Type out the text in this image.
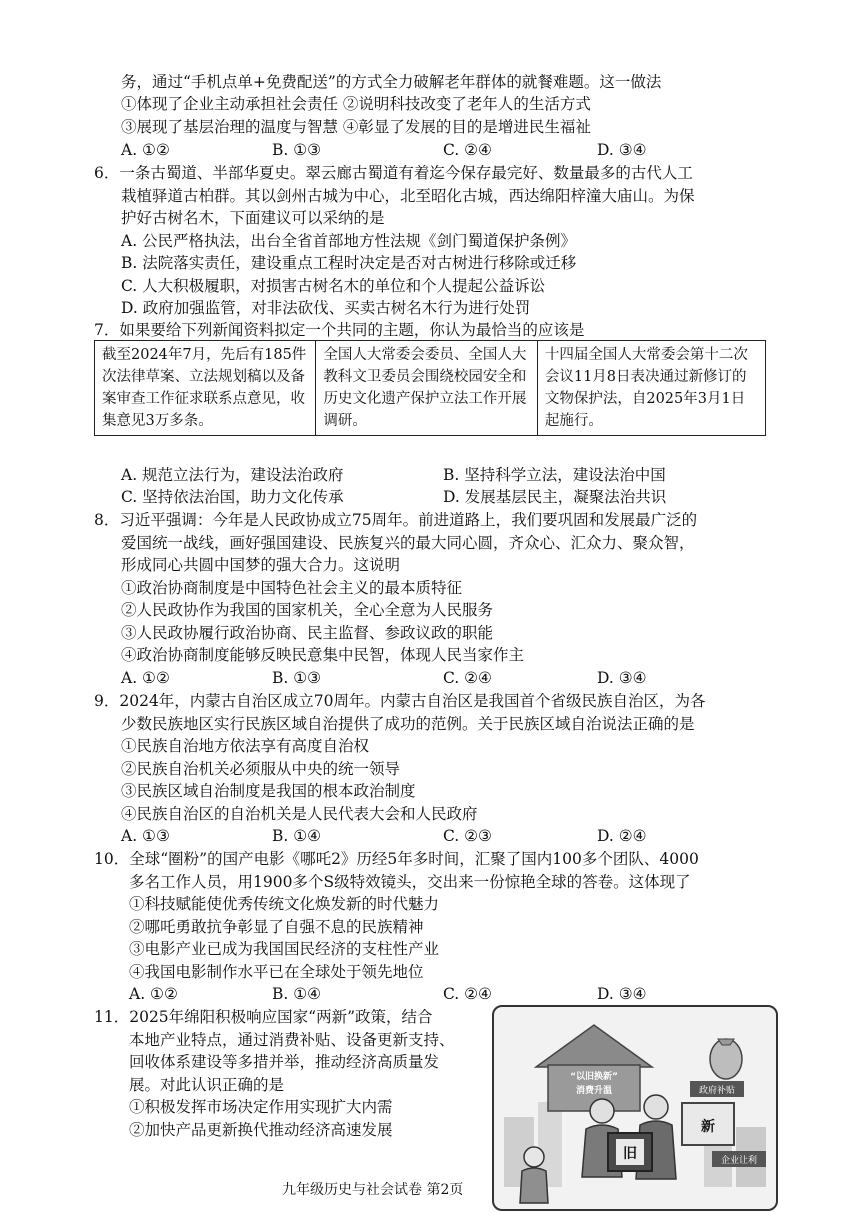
务，通过“手机点单+免费配送”的方式全力破解老年群体的就餐难题。这一做法
①体现了企业主动承担社会责任 ②说明科技改变了老年人的生活方式
③展现了基层治理的温度与智慧 ④彰显了发展的目的是增进民生福祉
A. ①②	B. ①③	C. ②④	D. ③④
6．一条古蜀道、半部华夏史。翠云廊古蜀道有着迄今保存最完好、数量最多的古代人工
栽植驿道古柏群。其以剑州古城为中心，北至昭化古城，西达绵阳梓潼大庙山。为保
护好古树名木，下面建议可以采纳的是
A. 公民严格执法，出台全省首部地方性法规《剑门蜀道保护条例》
B. 法院落实责任，建设重点工程时决定是否对古树进行移除或迁移
C. 人大积极履职，对损害古树名木的单位和个人提起公益诉讼
D. 政府加强监管，对非法砍伐、买卖古树名木行为进行处罚
7．如果要给下列新闻资料拟定一个共同的主题，你认为最恰当的应该是
截至2024年7月，先后有185件次法律草案、立法规划稿以及备案审查工作征求联系点意见，收集意见3万多条。	全国人大常委会委员、全国人大教科文卫委员会围绕校园安全和历史文化遗产保护立法工作开展调研。	十四届全国人大常委会第十二次会议11月8日表决通过新修订的文物保护法，自2025年3月1日起施行。
A. 规范立法行为，建设法治政府	B. 坚持科学立法，建设法治中国
C. 坚持依法治国，助力文化传承	D. 发展基层民主，凝聚法治共识
8．习近平强调：今年是人民政协成立75周年。前进道路上，我们要巩固和发展最广泛的
爱国统一战线，画好强国建设、民族复兴的最大同心圆，齐众心、汇众力、聚众智，
形成同心共圆中国梦的强大合力。这说明
①政治协商制度是中国特色社会主义的最本质特征
②人民政协作为我国的国家机关，全心全意为人民服务
③人民政协履行政治协商、民主监督、参政议政的职能
④政治协商制度能够反映民意集中民智，体现人民当家作主
A. ①②	B. ①③	C. ②④	D. ③④
9．2024年，内蒙古自治区成立70周年。内蒙古自治区是我国首个省级民族自治区，为各
少数民族地区实行民族区域自治提供了成功的范例。关于民族区域自治说法正确的是
①民族自治地方依法享有高度自治权
②民族自治机关必须服从中央的统一领导
③民族区域自治制度是我国的根本政治制度
④民族自治区的自治机关是人民代表大会和人民政府
A. ①③	B. ①④	C. ②③	D. ②④
10．全球“圈粉”的国产电影《哪吒2》历经5年多时间，汇聚了国内100多个团队、4000
多名工作人员，用1900多个S级特效镜头，交出来一份惊艳全球的答卷。这体现了
①科技赋能使优秀传统文化焕发新的时代魅力
②哪吒勇敢抗争彰显了自强不息的民族精神
③电影产业已成为我国国民经济的支柱性产业
④我国电影制作水平已在全球处于领先地位
A. ①②	B. ①④	C. ②④	D. ③④
11．2025年绵阳积极响应国家“两新”政策，结合
本地产业特点，通过消费补贴、设备更新支持、
回收体系建设等多措并举，推动经济高质量发
展。对此认识正确的是
①积极发挥市场决定作用实现扩大内需
②加快产品更新换代推动经济高速发展
“以旧换新”
消费升温	政府补贴
新
企业让利
旧
九年级历史与社会试卷 第2页
